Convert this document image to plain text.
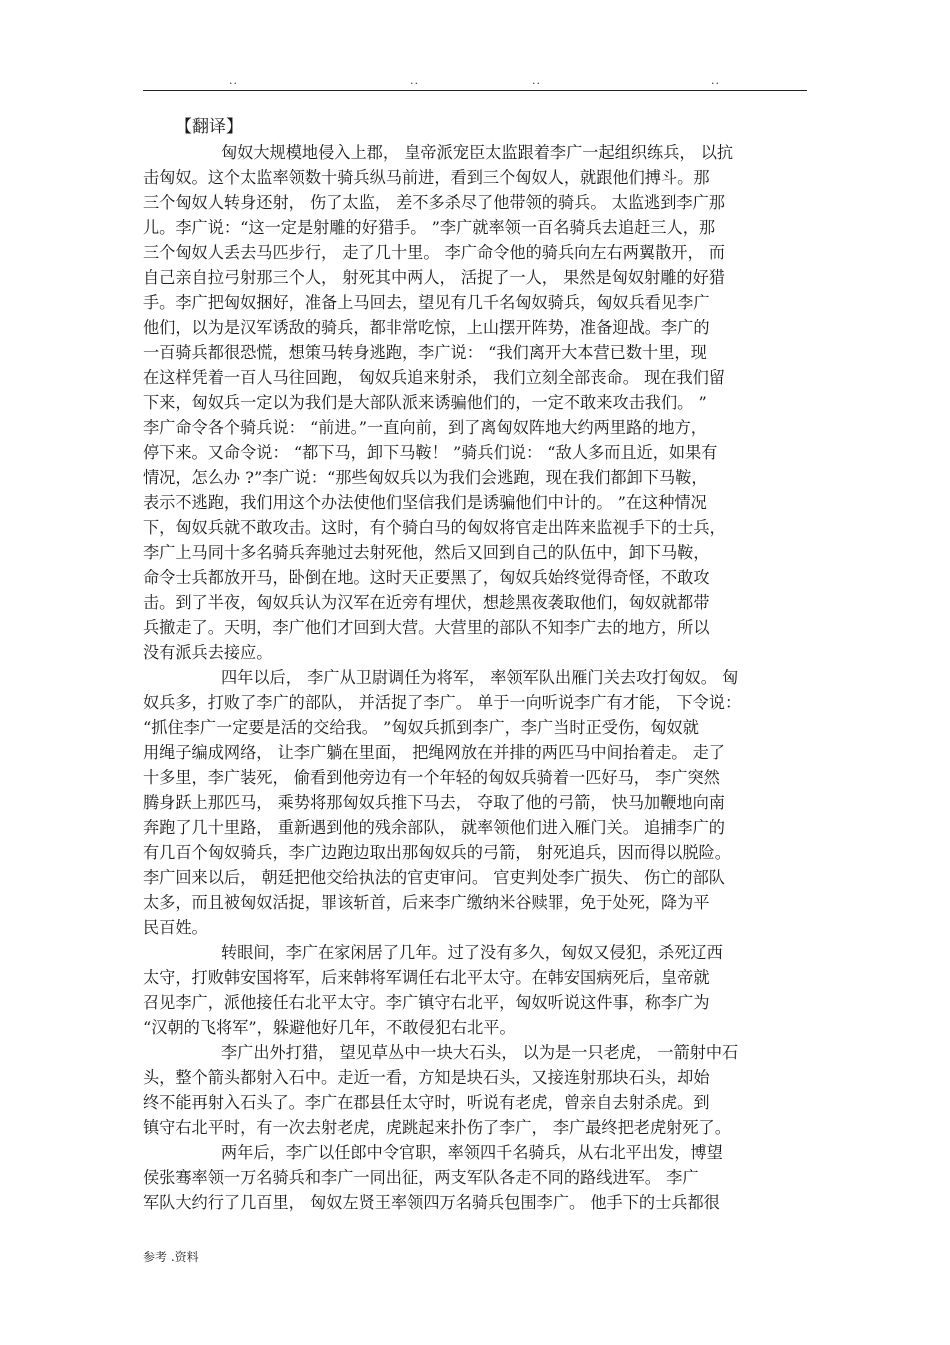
..	..	..	..
【翻译】

匈奴大规模地侵入上郡， 皇帝派宠臣太监跟着李广一起组织练兵， 以抗
击匈奴。这个太监率领数十骑兵纵马前进，看到三个匈奴人，就跟他们搏斗。那
三个匈奴人转身还射， 伤了太监， 差不多杀尽了他带领的骑兵。 太监逃到李广那
儿。李广说：“这一定是射雕的好猎手。 ”李广就率领一百名骑兵去追赶三人，那
三个匈奴人丢去马匹步行， 走了几十里。 李广命令他的骑兵向左右两翼散开， 而
自己亲自拉弓射那三个人， 射死其中两人， 活捉了一人， 果然是匈奴射雕的好猎
手。李广把匈奴捆好，准备上马回去，望见有几千名匈奴骑兵，匈奴兵看见李广
他们，以为是汉军诱敌的骑兵，都非常吃惊，上山摆开阵势，准备迎战。李广的
一百骑兵都很恐慌，想策马转身逃跑，李广说： “我们离开大本营已数十里，现
在这样凭着一百人马往回跑， 匈奴兵追来射杀， 我们立刻全部丧命。 现在我们留
下来，匈奴兵一定以为我们是大部队派来诱骗他们的，一定不敢来攻击我们。 ”
李广命令各个骑兵说： “前进。”一直向前，到了离匈奴阵地大约两里路的地方，
停下来。又命令说： “都下马，卸下马鞍！ ”骑兵们说： “敌人多而且近，如果有
情况，怎么办 ?”李广说：“那些匈奴兵以为我们会逃跑，现在我们都卸下马鞍，
表示不逃跑，我们用这个办法使他们坚信我们是诱骗他们中计的。 ”在这种情况
下，匈奴兵就不敢攻击。这时，有个骑白马的匈奴将官走出阵来监视手下的士兵，
李广上马同十多名骑兵奔驰过去射死他，然后又回到自己的队伍中，卸下马鞍，
命令士兵都放开马，卧倒在地。这时天正要黑了，匈奴兵始终觉得奇怪，不敢攻
击。到了半夜，匈奴兵认为汉军在近旁有埋伏，想趁黑夜袭取他们，匈奴就都带
兵撤走了。天明，李广他们才回到大营。大营里的部队不知李广去的地方，所以
没有派兵去接应。

四年以后， 李广从卫尉调任为将军， 率领军队出雁门关去攻打匈奴。 匈
奴兵多，打败了李广的部队， 并活捉了李广。 单于一向听说李广有才能， 下令说：
“抓住李广一定要是活的交给我。 ”匈奴兵抓到李广，李广当时正受伤，匈奴就
用绳子编成网络， 让李广躺在里面， 把绳网放在并排的两匹马中间抬着走。 走了
十多里，李广装死， 偷看到他旁边有一个年轻的匈奴兵骑着一匹好马， 李广突然
腾身跃上那匹马， 乘势将那匈奴兵推下马去， 夺取了他的弓箭， 快马加鞭地向南
奔跑了几十里路， 重新遇到他的残余部队， 就率领他们进入雁门关。 追捕李广的
有几百个匈奴骑兵，李广边跑边取出那匈奴兵的弓箭， 射死追兵，因而得以脱险。
李广回来以后， 朝廷把他交给执法的官吏审问。 官吏判处李广损失、 伤亡的部队
太多，而且被匈奴活捉，罪该斩首，后来李广缴纳米谷赎罪，免于处死，降为平
民百姓。

转眼间，李广在家闲居了几年。过了没有多久，匈奴又侵犯，杀死辽西
太守，打败韩安国将军，后来韩将军调任右北平太守。在韩安国病死后，皇帝就
召见李广，派他接任右北平太守。李广镇守右北平，匈奴听说这件事，称李广为
“汉朝的飞将军”，躲避他好几年，不敢侵犯右北平。

李广出外打猎， 望见草丛中一块大石头， 以为是一只老虎， 一箭射中石
头，整个箭头都射入石中。走近一看，方知是块石头，又接连射那块石头，却始
终不能再射入石头了。李广在郡县任太守时，听说有老虎，曾亲自去射杀虎。到
镇守右北平时，有一次去射老虎，虎跳起来扑伤了李广， 李广最终把老虎射死了。

两年后，李广以任郎中令官职，率领四千名骑兵，从右北平出发，博望
侯张骞率领一万名骑兵和李广一同出征，两支军队各走不同的路线进军。 李广
军队大约行了几百里， 匈奴左贤王率领四万名骑兵包围李广。 他手下的士兵都很

参考 .资料
